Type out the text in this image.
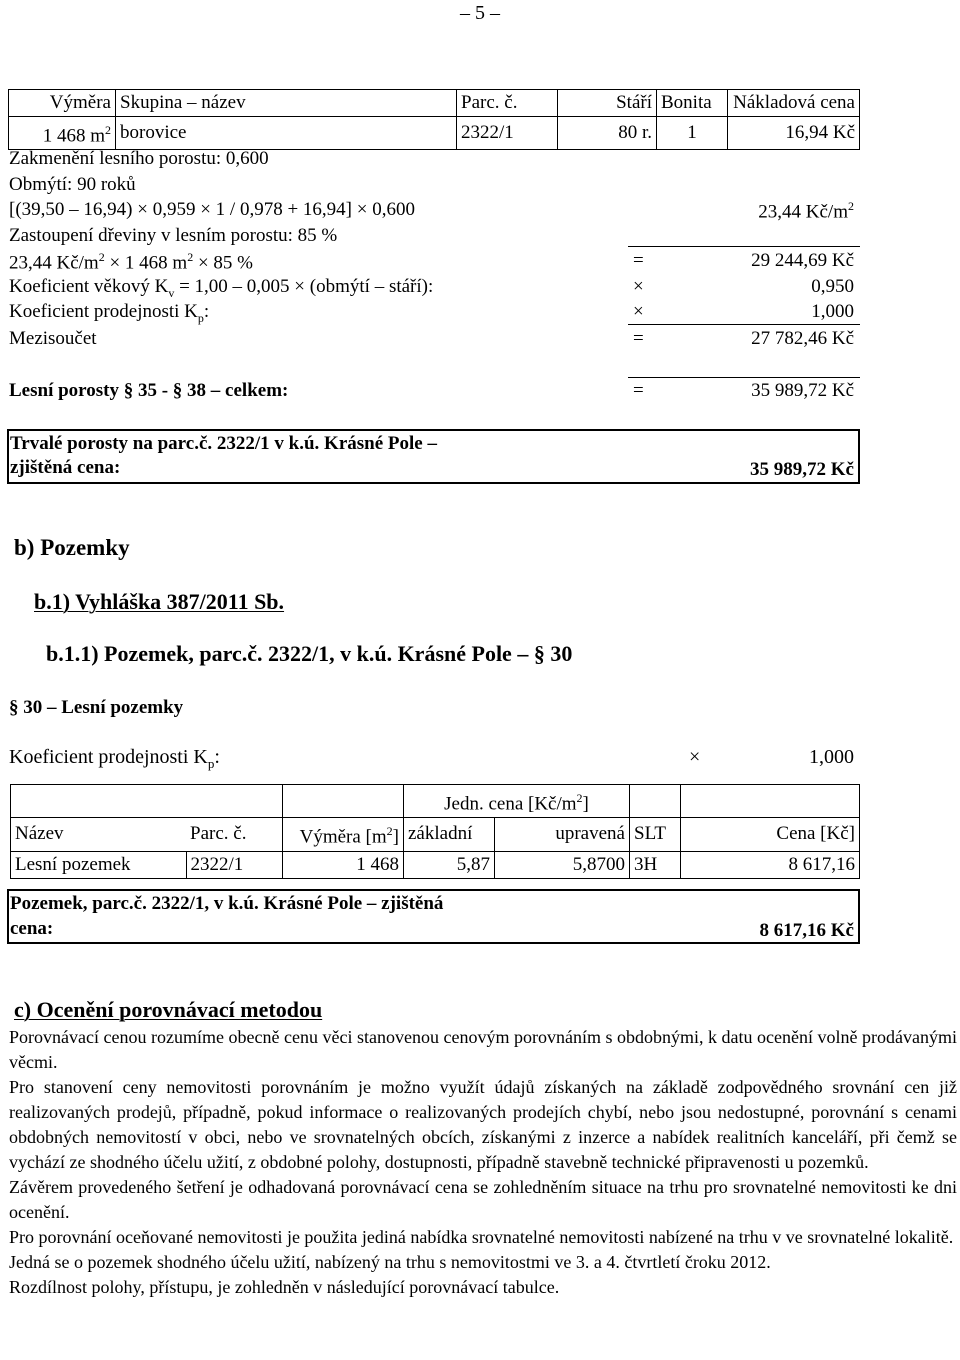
– 5 –
Výměra	Skupina – název	Parc. č.	Stáří	Bonita	Nákladová cena
1 468 $m^2$	borovice	2322/1	80 r.	1	16,94 Kč
Zakmenění lesního porostu: 0,600
Obmýtí: 90 roků
[(39,50 – 16,94) × 0,959 × 1 / 0,978 + 16,94] × 0,600	23,44 $Kč/m^2$
Zastoupení dřeviny v lesním porostu: 85 %
23,44 $Kč/m^2 \times 1$ 468 $m^2 \times 85$ %	=	29 244,69 Kč
Koeficient věkový $K_v = 1,00 - 0,005$ × (obmýtí – stáří):	×	0,950
Koeficient prodejnosti $K_p$:	×	1,000
Mezisoučet	=	27 782,46 Kč
Lesní porosty § 35 - § 38 – celkem:	=	35 989,72 Kč
Trvalé porosty na parc.č. 2322/1 v k.ú. Krásné Pole –
zjištěná cena:	35 989,72 Kč
b) Pozemky
b.1) Vyhláška 387/2011 Sb.
b.1.1) Pozemek, parc.č. 2322/1, v k.ú. Krásné Pole – § 30
§ 30 – Lesní pozemky
Koeficient prodejnosti $K_p$:	×	1,000
			Jedn. cena $[Kč/m^2]$			
Název	Parc. č.	Výměra $[m^2]$	základní	upravená	SLT	Cena [Kč]
Lesní pozemek	2322/1	1 468	5,87	5,8700	3H	8 617,16
Pozemek, parc.č. 2322/1, v k.ú. Krásné Pole – zjištěná
cena:	8 617,16 Kč
c) Ocenění porovnávací metodou

Porovnávací cenou rozumíme obecně cenu věci stanovenou cenovým porovnáním s obdobnými, k datu ocenění volně prodávanými věcmi.

Pro stanovení ceny nemovitosti porovnáním je možno využít údajů získaných na základě zodpovědného srovnání cen již realizovaných prodejů, případně, pokud informace o realizovaných prodejích chybí, nebo jsou nedostupné, porovnání s cenami obdobných nemovitostí v obci, nebo ve srovnatelných obcích, získanými z inzerce a nabídek realitních kanceláří, při čemž se vychází ze shodného účelu užití, z obdobné polohy, dostupnosti, případně stavebně technické připravenosti u pozemků.

Závěrem provedeného šetření je odhadovaná porovnávací cena se zohledněním situace na trhu pro srovnatelné nemovitosti ke dni ocenění.

Pro porovnání oceňované nemovitosti je použita jediná nabídka srovnatelné nemovitosti nabízené na trhu v ve srovnatelné lokalitě.

Jedná se o pozemek shodného účelu užití, nabízený na trhu s nemovitostmi ve 3. a 4. čtvrtletí čroku 2012.

Rozdílnost polohy, přístupu, je zohledněn v následující porovnávací tabulce.
